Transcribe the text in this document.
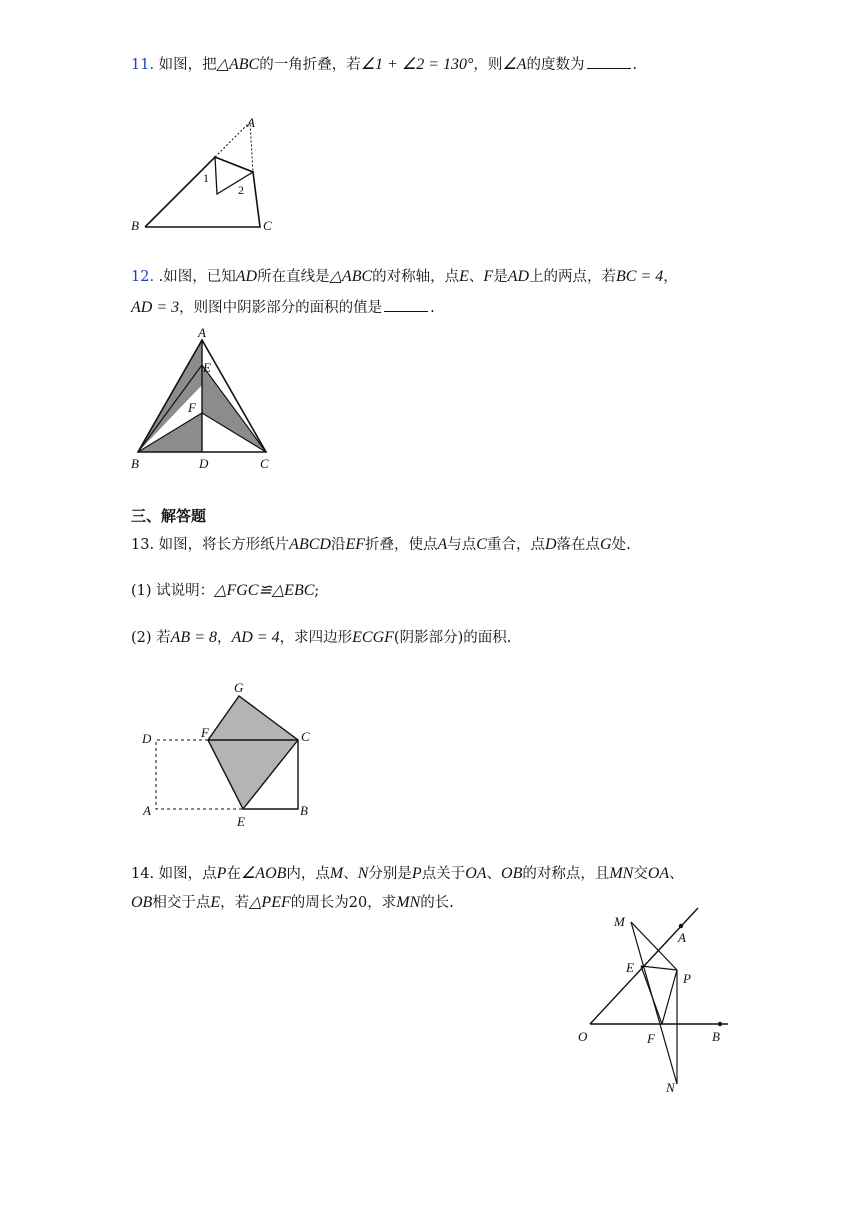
11. 如图，把△ABC的一角折叠，若∠1 + ∠2 = 130°，则∠A的度数为	.
A
B	C
1
2
12. .如图，已知AD所在直线是△ABC的对称轴，点E、F是AD上的两点，若BC = 4，
AD = 3，则图中阴影部分的面积的值是	.
A
E
F
B	D	C
三、解答题
13. 如图，将长方形纸片ABCD沿EF折叠，使点A与点C重合，点D落在点G处.
(1) 试说明：△FGC≌△EBC;
(2) 若AB = 8，AD = 4，求四边形ECGF(阴影部分)的面积.
G
D	F	C
A
E
B
14. 如图，点P在∠AOB内，点M、N分别是P点关于OA、OB的对称点，且MN交OA、
OB相交于点E，若△PEF的周长为20，求MN的长.
M
A
E
P
O	F	B
N
